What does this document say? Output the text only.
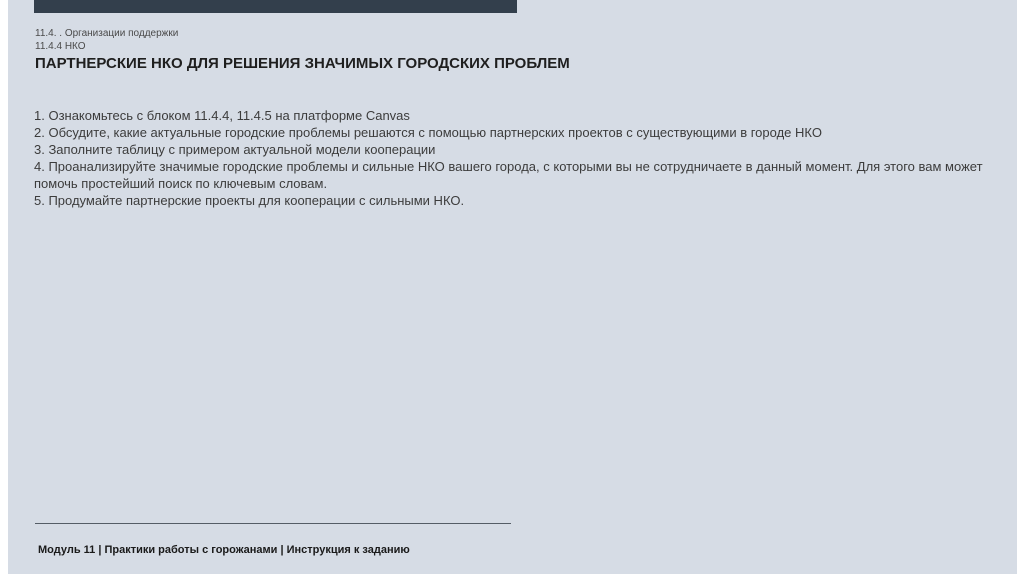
11.4. . Организации поддержки
11.4.4 НКО
ПАРТНЕРСКИЕ НКО ДЛЯ РЕШЕНИЯ ЗНАЧИМЫХ ГОРОДСКИХ ПРОБЛЕМ
1. Ознакомьтесь с блоком 11.4.4, 11.4.5 на платформе Canvas
2. Обсудите, какие актуальные городские проблемы решаются с помощью партнерских проектов с существующими в городе НКО
3. Заполните таблицу с примером актуальной модели кооперации
4. Проанализируйте значимые городские проблемы и сильные НКО вашего города, с которыми вы не сотрудничаете в данный момент. Для этого вам может помочь простейший поиск по ключевым словам.
5. Продумайте партнерские проекты для кооперации с сильными НКО.
Модуль 11 | Практики работы с горожанами | Инструкция к заданию
